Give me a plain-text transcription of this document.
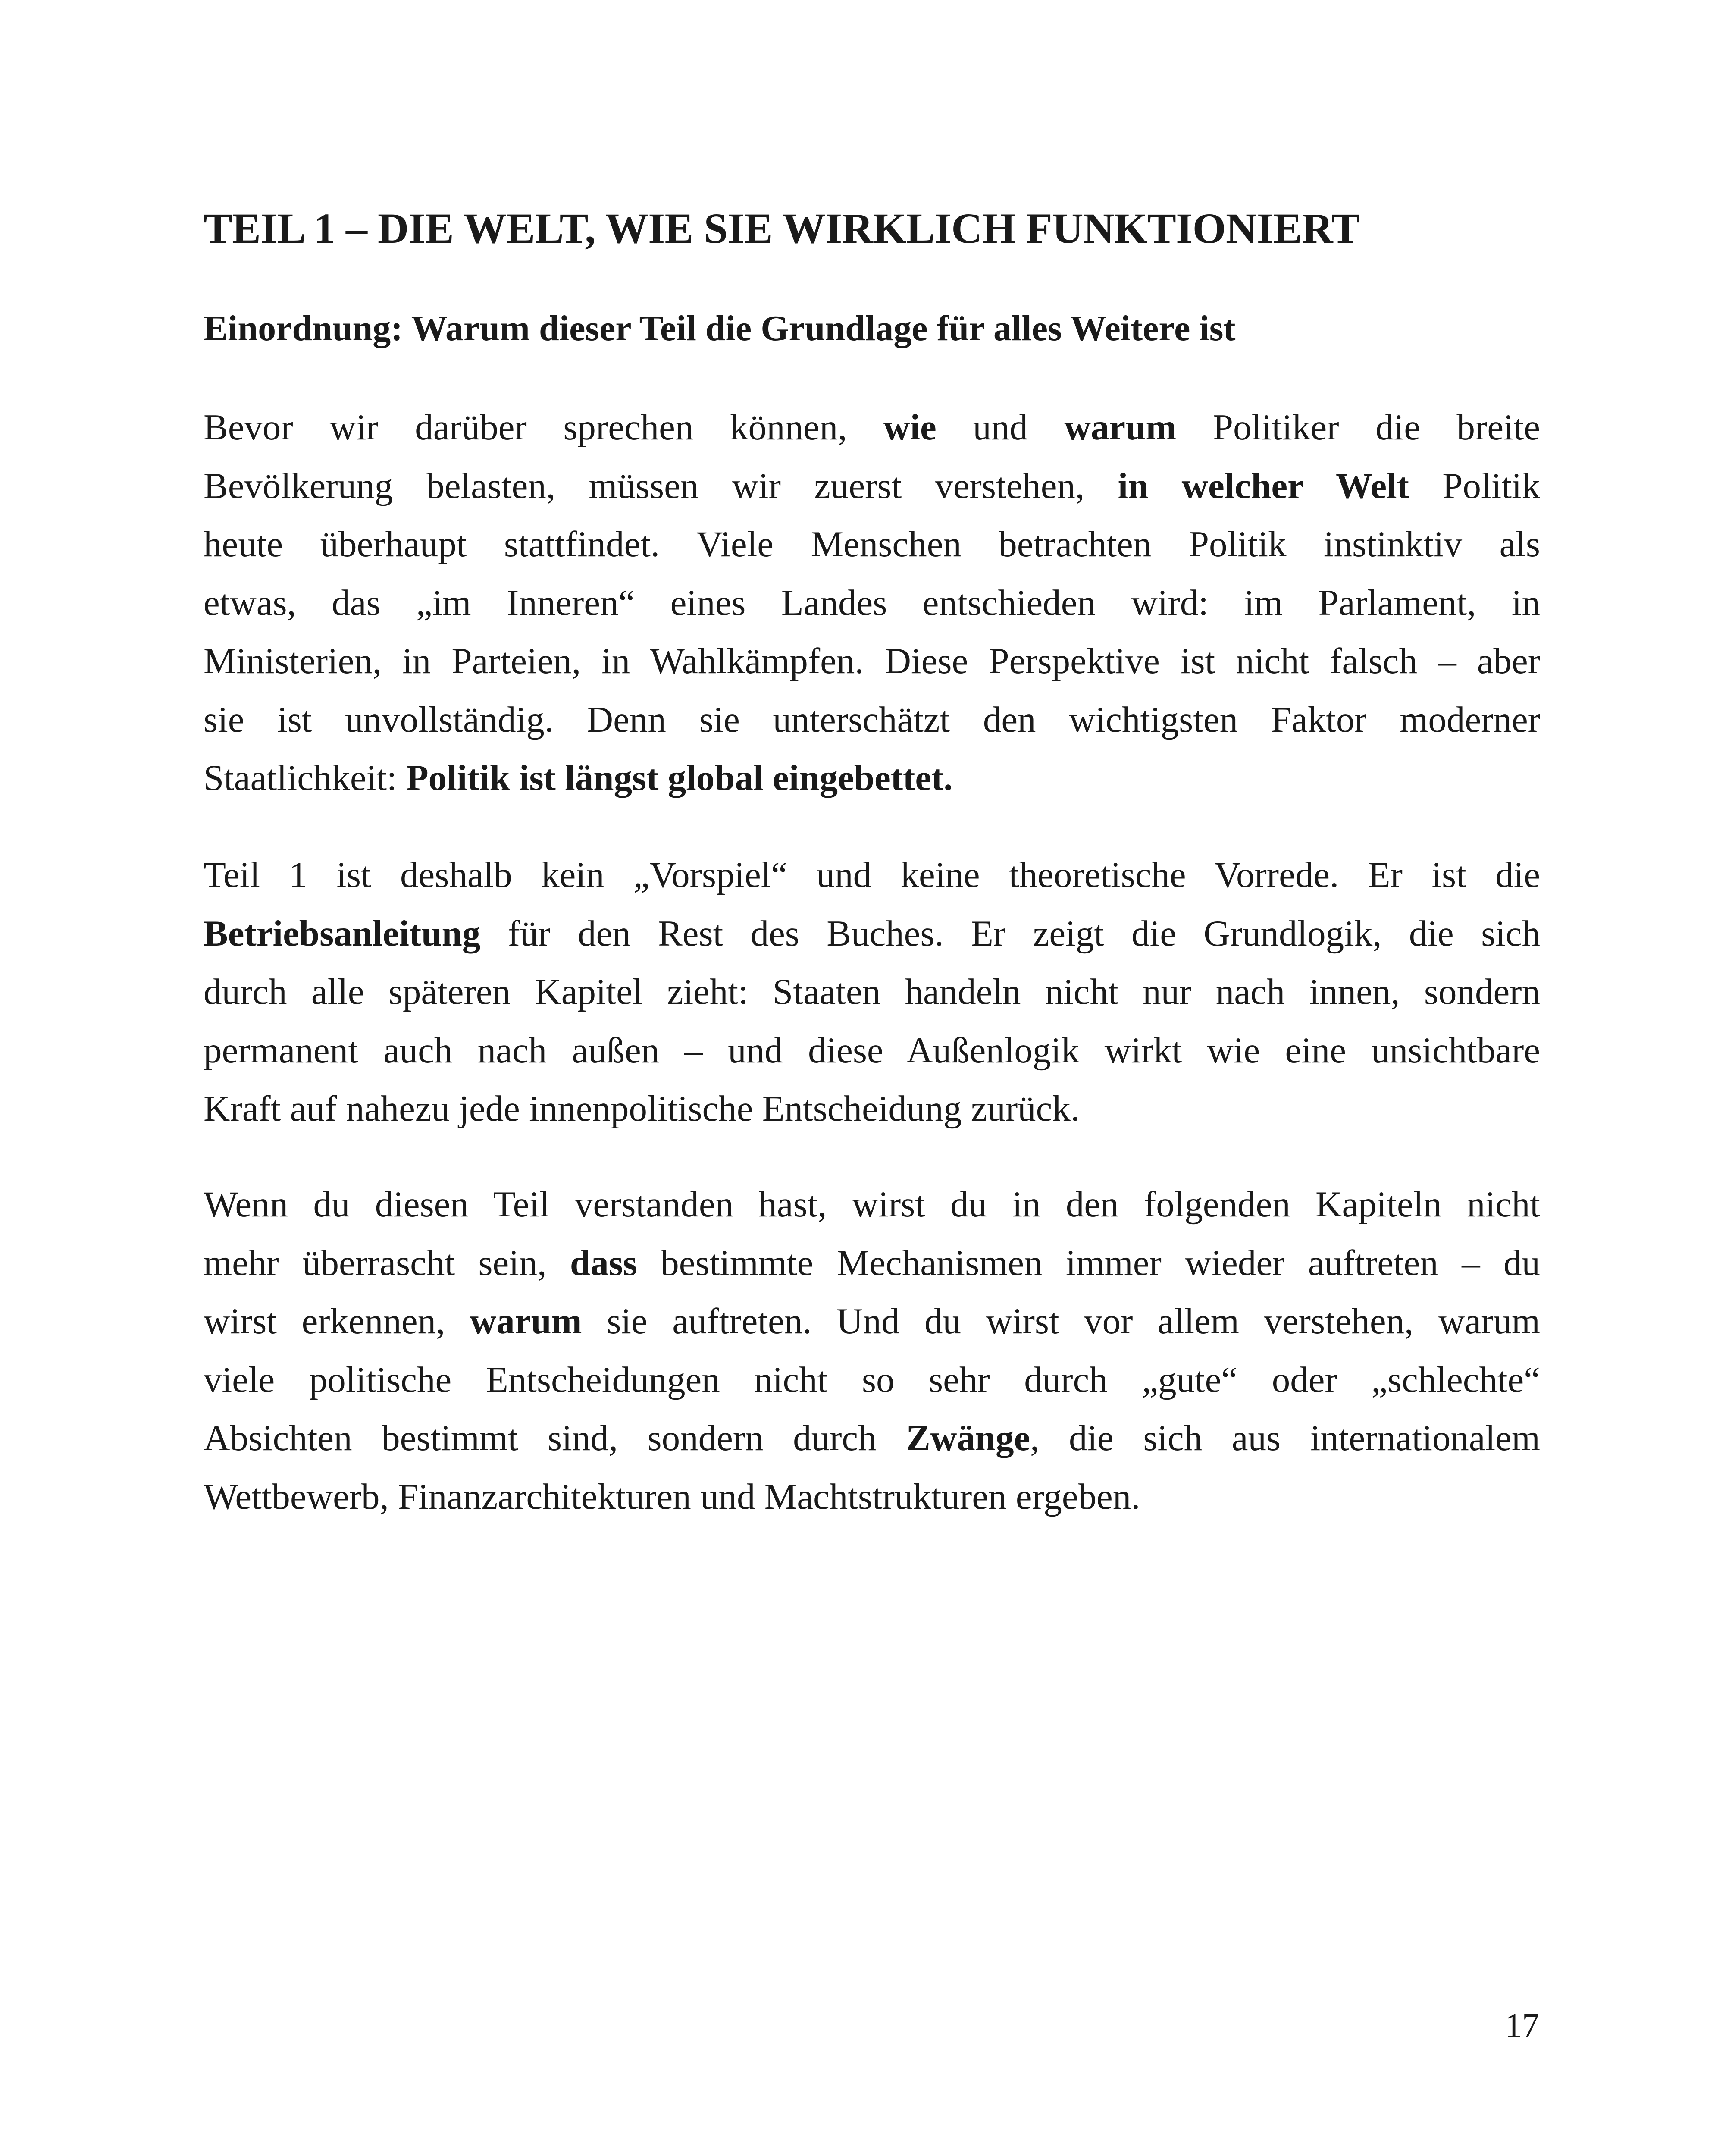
TEIL 1 – DIE WELT, WIE SIE WIRKLICH FUNKTIONIERT
Einordnung: Warum dieser Teil die Grundlage für alles Weitere ist

Bevor wir darüber sprechen können, wie und warum Politiker die breite
Bevölkerung belasten, müssen wir zuerst verstehen, in welcher Welt Politik
heute überhaupt stattfindet. Viele Menschen betrachten Politik instinktiv als
etwas, das „im Inneren“ eines Landes entschieden wird: im Parlament, in
Ministerien, in Parteien, in Wahlkämpfen. Diese Perspektive ist nicht falsch – aber
sie ist unvollständig. Denn sie unterschätzt den wichtigsten Faktor moderner
Staatlichkeit: Politik ist längst global eingebettet.

Teil 1 ist deshalb kein „Vorspiel“ und keine theoretische Vorrede. Er ist die
Betriebsanleitung für den Rest des Buches. Er zeigt die Grundlogik, die sich
durch alle späteren Kapitel zieht: Staaten handeln nicht nur nach innen, sondern
permanent auch nach außen – und diese Außenlogik wirkt wie eine unsichtbare
Kraft auf nahezu jede innenpolitische Entscheidung zurück.

Wenn du diesen Teil verstanden hast, wirst du in den folgenden Kapiteln nicht
mehr überrascht sein, dass bestimmte Mechanismen immer wieder auftreten – du
wirst erkennen, warum sie auftreten. Und du wirst vor allem verstehen, warum
viele politische Entscheidungen nicht so sehr durch „gute“ oder „schlechte“
Absichten bestimmt sind, sondern durch Zwänge, die sich aus internationalem
Wettbewerb, Finanzarchitekturen und Machtstrukturen ergeben.

17
